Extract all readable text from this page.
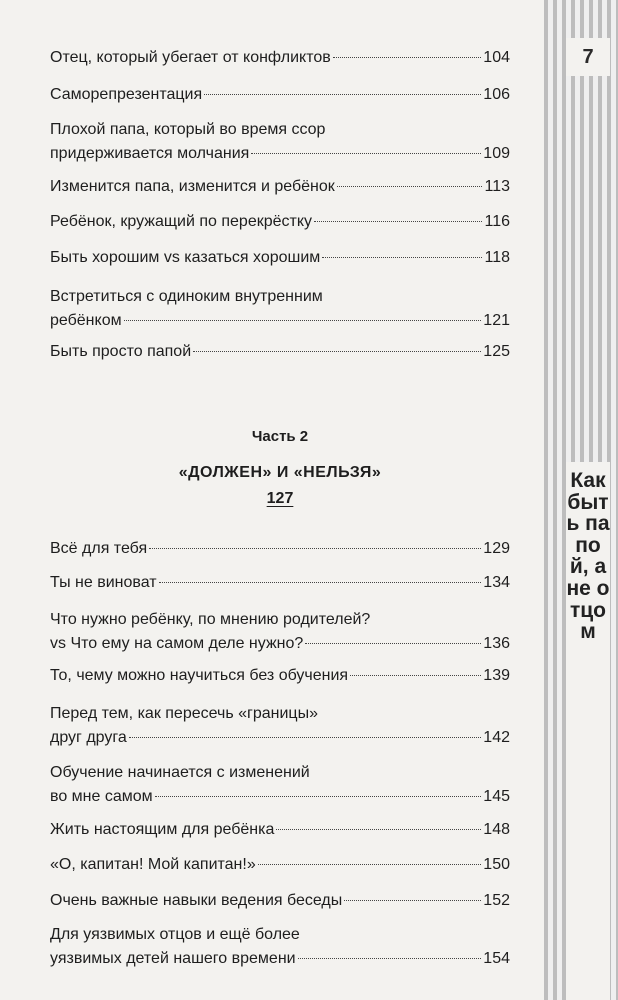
Отец, который убегает от конфликтов	104
Саморепрезентация	106
Плохой папа, который во время ссор
придерживается молчания	109
Изменится папа, изменится и ребёнок	113
Ребёнок, кружащий по перекрёстку	116
Быть хорошим vs казаться хорошим	118
Встретиться с одиноким внутренним
ребёнком	121
Быть просто папой	125
Часть 2
«ДОЛЖЕН» И «НЕЛЬЗЯ»
127
Всё для тебя	129
Ты не виноват	134
Что нужно ребёнку, по мнению родителей?
vs Что ему на самом деле нужно?	136
То, чему можно научиться без обучения	139
Перед тем, как пересечь «границы»
друг друга	142
Обучение начинается с изменений
во мне самом	145
Жить настоящим для ребёнка	148
«О, капитан! Мой капитан!»	150
Очень важные навыки ведения беседы	152
Для уязвимых отцов и ещё более
уязвимых детей нашего времени	154
7
Как быть папой, а не отцом
